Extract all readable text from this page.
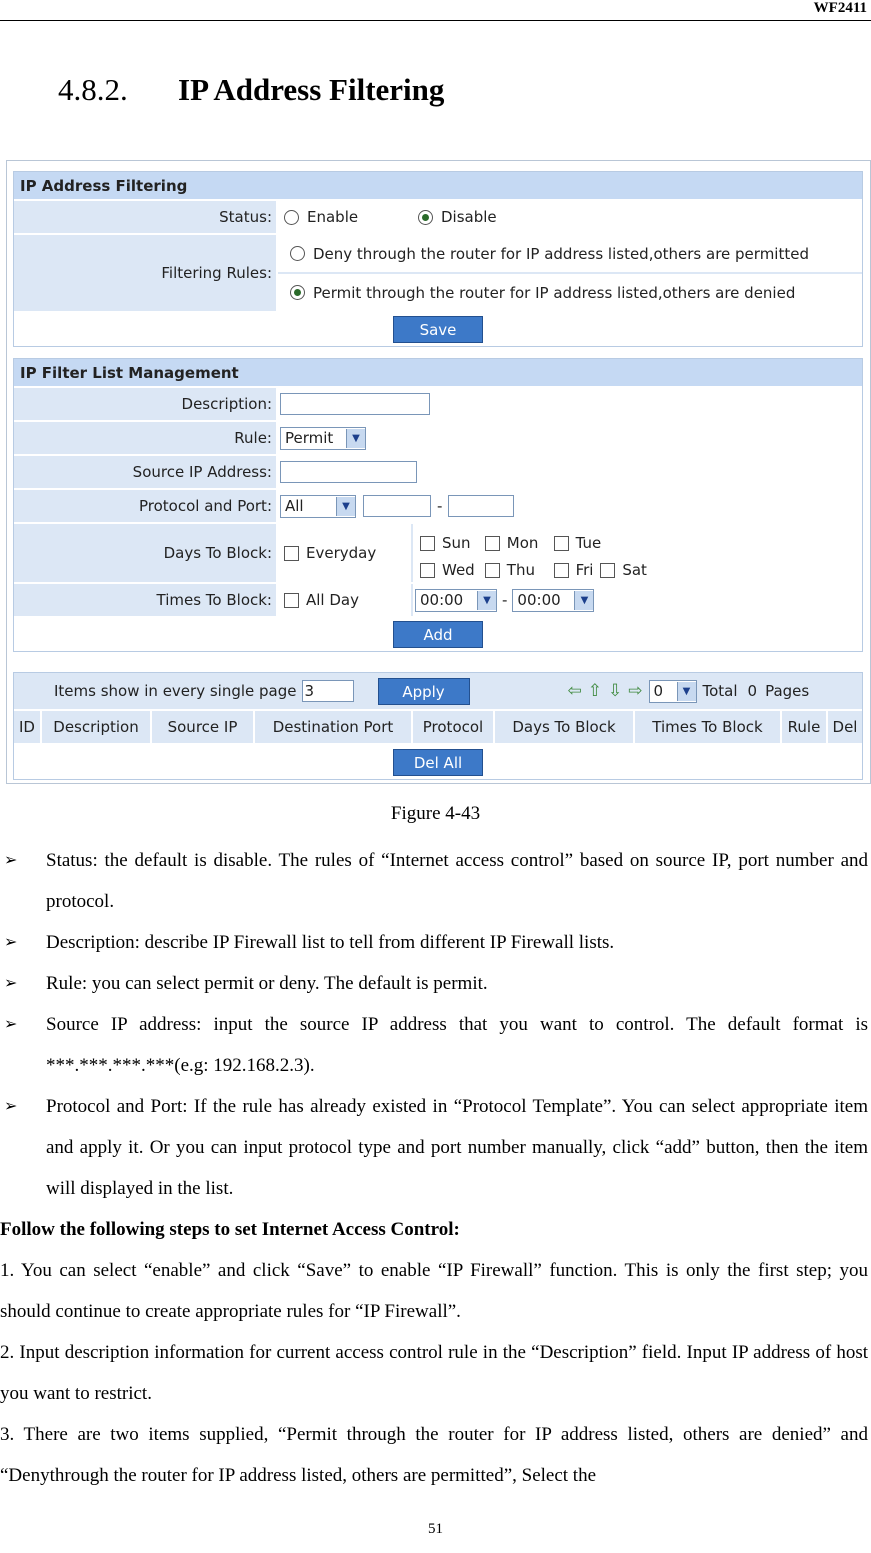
WF2411
4.8.2. IP Address Filtering
IP Address Filtering
Status:	Enable	Disable
Filtering Rules:
Deny through the router for IP address listed,others are permitted
Permit through the router for IP address listed,others are denied
Save
IP Filter List Management
Description:
Rule: Permit	▼
Source IP Address:
Protocol and Port: All	▼	-
Days To Block:	Everyday
Sun Mon Tue
Wed Thu	Fri Sat
Times To Block:	All Day	00:00	▼ - 00:00	▼
Add
Items show in every single page 3	Apply	⇦ ⇧ ⇩ ⇨ 0	▼ Total 0 Pages
ID	Description	Source IP	Destination Port	Protocol	Days To Block	Times To Block	Rule Del
Del All
Figure 4-43
➢ Status: the default is disable. The rules of “Internet access control” based on source IP, port number and protocol.
➢ Description: describe IP Firewall list to tell from different IP Firewall lists.
➢ Rule: you can select permit or deny. The default is permit.
➢ Source IP address: input the source IP address that you want to control. The default format is ***.***.***.***(e.g: 192.168.2.3).
➢ Protocol and Port: If the rule has already existed in “Protocol Template”. You can select appropriate item and apply it. Or you can input protocol type and port number manually, click “add” button, then the item will displayed in the list.
Follow the following steps to set Internet Access Control:
1. You can select “enable” and click “Save” to enable “IP Firewall” function. This is only the first step; you should continue to create appropriate rules for “IP Firewall”.
2. Input description information for current access control rule in the “Description” field. Input IP address of host you want to restrict.
3. There are two items supplied, “Permit through the router for IP address listed, others are denied” and “Denythrough the router for IP address listed, others are permitted”, Select the
51
